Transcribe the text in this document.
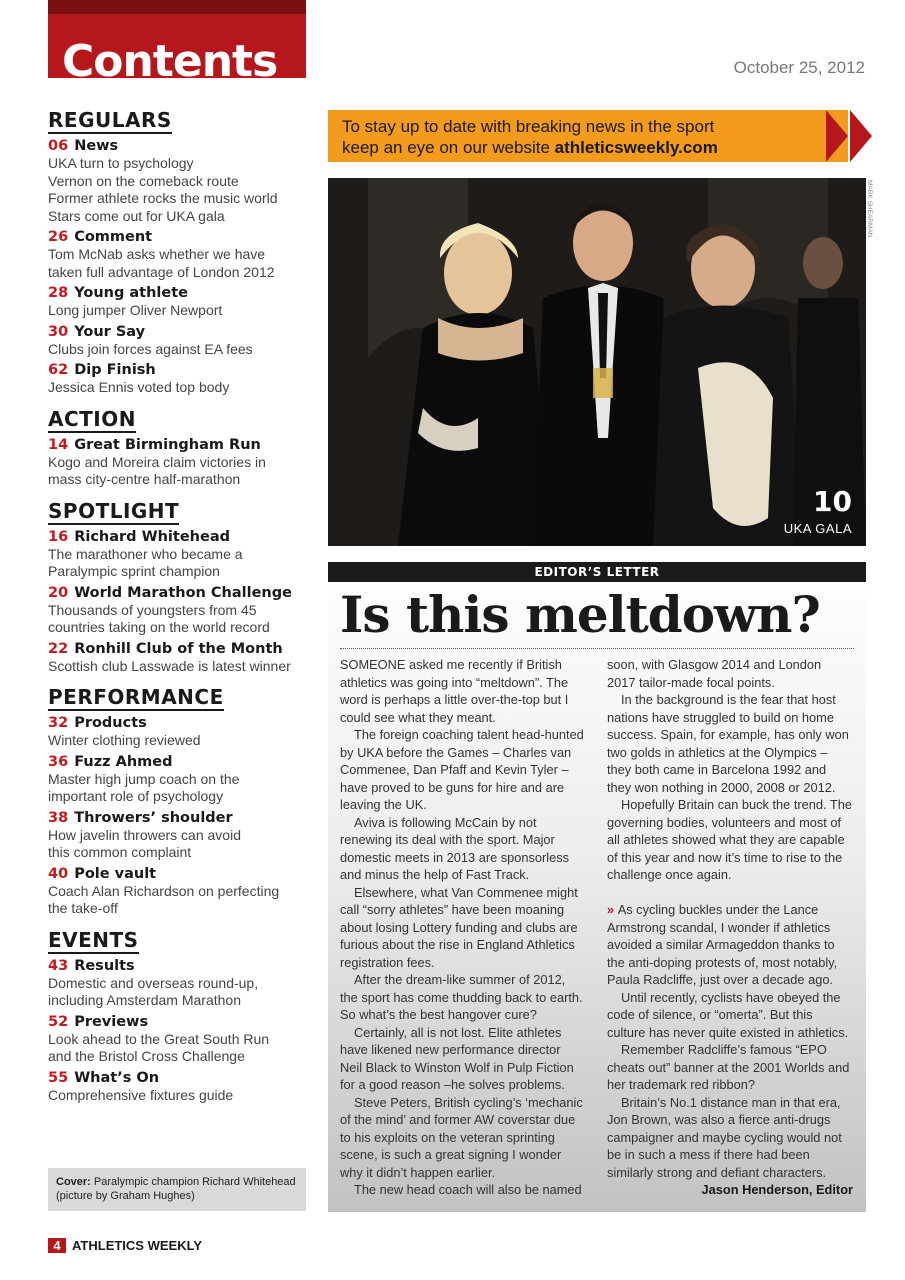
Contents	October 25, 2012
REGULARS
06 News
UKA turn to psychology
Vernon on the comeback route
Former athlete rocks the music world
Stars come out for UKA gala
26 Comment
Tom McNab asks whether we have
taken full advantage of London 2012
28 Young athlete
Long jumper Oliver Newport
30 Your Say
Clubs join forces against EA fees
62 Dip Finish
Jessica Ennis voted top body
ACTION
14 Great Birmingham Run
Kogo and Moreira claim victories in
mass city-centre half-marathon
SPOTLIGHT
16 Richard Whitehead
The marathoner who became a
Paralympic sprint champion
20 World Marathon Challenge
Thousands of youngsters from 45
countries taking on the world record
22 Ronhill Club of the Month
Scottish club Lasswade is latest winner
PERFORMANCE
32 Products
Winter clothing reviewed
36 Fuzz Ahmed
Master high jump coach on the
important role of psychology
38 Throwers’ shoulder
How javelin throwers can avoid
this common complaint
40 Pole vault
Coach Alan Richardson on perfecting
the take-off
EVENTS
43 Results
Domestic and overseas round-up,
including Amsterdam Marathon
52 Previews
Look ahead to the Great South Run
and the Bristol Cross Challenge
55 What’s On
Comprehensive fixtures guide
Cover: Paralympic champion Richard Whitehead
(picture by Graham Hughes)
4 ATHLETICS WEEKLY
To stay up to date with breaking news in the sport
keep an eye on our website athleticsweekly.com
10
UKA GALA
MARK SHEARMAN
EDITOR’S LETTER
Is this meltdown?

SOMEONE asked me recently if British athletics was going into “meltdown”. The word is perhaps a little over-the-top but I could see what they meant.

The foreign coaching talent head-hunted by UKA before the Games – Charles van Commenee, Dan Pfaff and Kevin Tyler – have proved to be guns for hire and are leaving the UK.

Aviva is following McCain by not renewing its deal with the sport. Major domestic meets in 2013 are sponsorless and minus the help of Fast Track.

Elsewhere, what Van Commenee might call “sorry athletes” have been moaning about losing Lottery funding and clubs are furious about the rise in England Athletics registration fees.

After the dream-like summer of 2012, the sport has come thudding back to earth. So what’s the best hangover cure?

Certainly, all is not lost. Elite athletes have likened new performance director Neil Black to Winston Wolf in Pulp Fiction for a good reason –he solves problems.

Steve Peters, British cycling’s ‘mechanic of the mind’ and former AW coverstar due to his exploits on the veteran sprinting scene, is such a great signing I wonder why it didn’t happen earlier.

The new head coach will also be named

soon, with Glasgow 2014 and London 2017 tailor-made focal points.

In the background is the fear that host nations have struggled to build on home success. Spain, for example, has only won two golds in athletics at the Olympics – they both came in Barcelona 1992 and they won nothing in 2000, 2008 or 2012.

Hopefully Britain can buck the trend. The governing bodies, volunteers and most of all athletes showed what they are capable of this year and now it’s time to rise to the challenge once again.

» As cycling buckles under the Lance Armstrong scandal, I wonder if athletics avoided a similar Armageddon thanks to the anti-doping protests of, most notably, Paula Radcliffe, just over a decade ago.

Until recently, cyclists have obeyed the code of silence, or “omerta”. But this culture has never quite existed in athletics.

Remember Radcliffe’s famous “EPO cheats out” banner at the 2001 Worlds and her trademark red ribbon?

Britain’s No.1 distance man in that era, Jon Brown, was also a fierce anti-drugs campaigner and maybe cycling would not be in such a mess if there had been similarly strong and defiant characters.

Jason Henderson, Editor
